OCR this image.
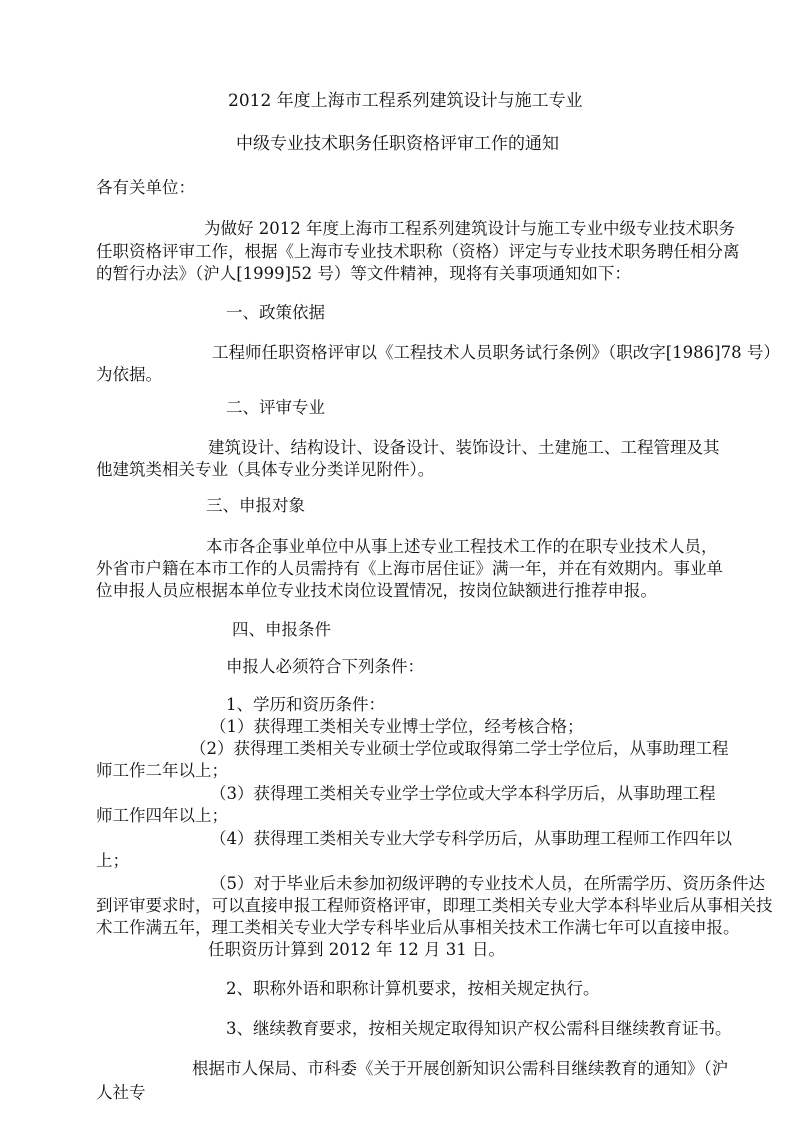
2012 年度上海市工程系列建筑设计与施工专业
中级专业技术职务任职资格评审工作的通知
各有关单位：
为做好 2012 年度上海市工程系列建筑设计与施工专业中级专业技术职务
任职资格评审工作，根据《上海市专业技术职称（资格）评定与专业技术职务聘任相分离
的暂行办法》（沪人[1999]52 号）等文件精神，现将有关事项通知如下：
一、政策依据
工程师任职资格评审以《工程技术人员职务试行条例》（职改字[1986]78 号）
为依据。
二、评审专业
建筑设计、结构设计、设备设计、装饰设计、土建施工、工程管理及其
他建筑类相关专业（具体专业分类详见附件）。
三、申报对象
本市各企事业单位中从事上述专业工程技术工作的在职专业技术人员，
外省市户籍在本市工作的人员需持有《上海市居住证》满一年，并在有效期内。事业单
位申报人员应根据本单位专业技术岗位设置情况，按岗位缺额进行推荐申报。
四、申报条件
申报人必须符合下列条件：
1、学历和资历条件：
（1）获得理工类相关专业博士学位，经考核合格；
（2）获得理工类相关专业硕士学位或取得第二学士学位后，从事助理工程
师工作二年以上；
（3）获得理工类相关专业学士学位或大学本科学历后，从事助理工程
师工作四年以上；
（4）获得理工类相关专业大学专科学历后，从事助理工程师工作四年以
上；
（5）对于毕业后未参加初级评聘的专业技术人员，在所需学历、资历条件达
到评审要求时，可以直接申报工程师资格评审，即理工类相关专业大学本科毕业后从事相关技
术工作满五年，理工类相关专业大学专科毕业后从事相关技术工作满七年可以直接申报。
任职资历计算到 2012 年 12 月 31 日。
2、职称外语和职称计算机要求，按相关规定执行。
3、继续教育要求，按相关规定取得知识产权公需科目继续教育证书。
根据市人保局、市科委《关于开展创新知识公需科目继续教育的通知》（沪
人社专
